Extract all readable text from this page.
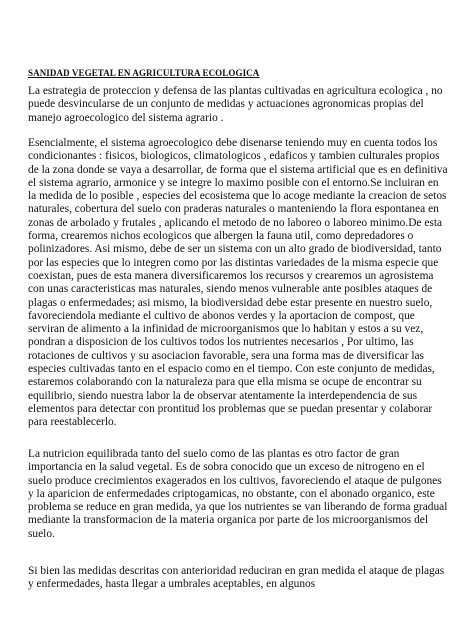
SANIDAD VEGETAL EN AGRICULTURA ECOLOGICA
La estrategia de proteccion y defensa de las plantas cultivadas en agricultura ecologica , no puede desvincularse de un conjunto de medidas y actuaciones agronomicas propias del manejo agroecologico del sistema agrario .
Esencialmente, el sistema agroecologico debe disenarse teniendo muy en cuenta todos los condicionantes : fisicos, biologicos, climatologicos , edaficos y tambien culturales propios de la zona donde se vaya a desarrollar, de forma que el sistema artificial que es en definitiva el sistema agrario, armonice y se integre lo maximo posible con el entorno.Se incluiran en la medida de lo posible , especies del ecosistema que lo acoge mediante la creacion de setos naturales, cobertura del suelo con praderas naturales o manteniendo la flora espontanea en zonas de arbolado y frutales , aplicando el metodo de no laboreo o laboreo minimo.De esta forma, crearemos nichos ecologicos que albergen la fauna util, como depredadores o polinizadores. Asi mismo, debe de ser un sistema con un alto grado de biodiversidad, tanto por las especies que lo integren como por las distintas variedades de la misma especie que coexistan, pues de esta manera diversificaremos los recursos y crearemos un agrosistema con unas caracteristicas mas naturales, siendo menos vulnerable ante posibles ataques de plagas o enfermedades; asi mismo, la biodiversidad debe estar presente en nuestro suelo, favoreciendola mediante el cultivo de abonos verdes y la aportacion de compost, que serviran de alimento a la infinidad de microorganismos que lo habitan y estos a su vez, pondran a disposicion de los cultivos todos los nutrientes necesarios , Por ultimo, las rotaciones de cultivos y su asociacion favorable, sera una forma mas de diversificar las especies cultivadas tanto en el espacio como en el tiempo. Con este conjunto de medidas, estaremos colaborando con la naturaleza para que ella misma se ocupe de encontrar su equilibrio, siendo nuestra labor la de observar atentamente la interdependencia de sus elementos para detectar con prontitud los problemas que se puedan presentar y colaborar para reestablecerlo.
La nutricion equilibrada tanto del suelo como de las plantas es otro factor de gran importancia en la salud vegetal. Es de sobra conocido que un exceso de nitrogeno en el suelo produce crecimientos exagerados en los cultivos, favoreciendo el ataque de pulgones y la aparicion de enfermedades criptogamicas, no obstante, con el abonado organico, este problema se reduce en gran medida, ya que los nutrientes se van liberando de forma gradual mediante la transformacion de la materia organica por parte de los microorganismos del suelo.
Si bien las medidas descritas con anterioridad reduciran en gran medida el ataque de plagas y enfermedades, hasta llegar a umbrales aceptables, en algunos
